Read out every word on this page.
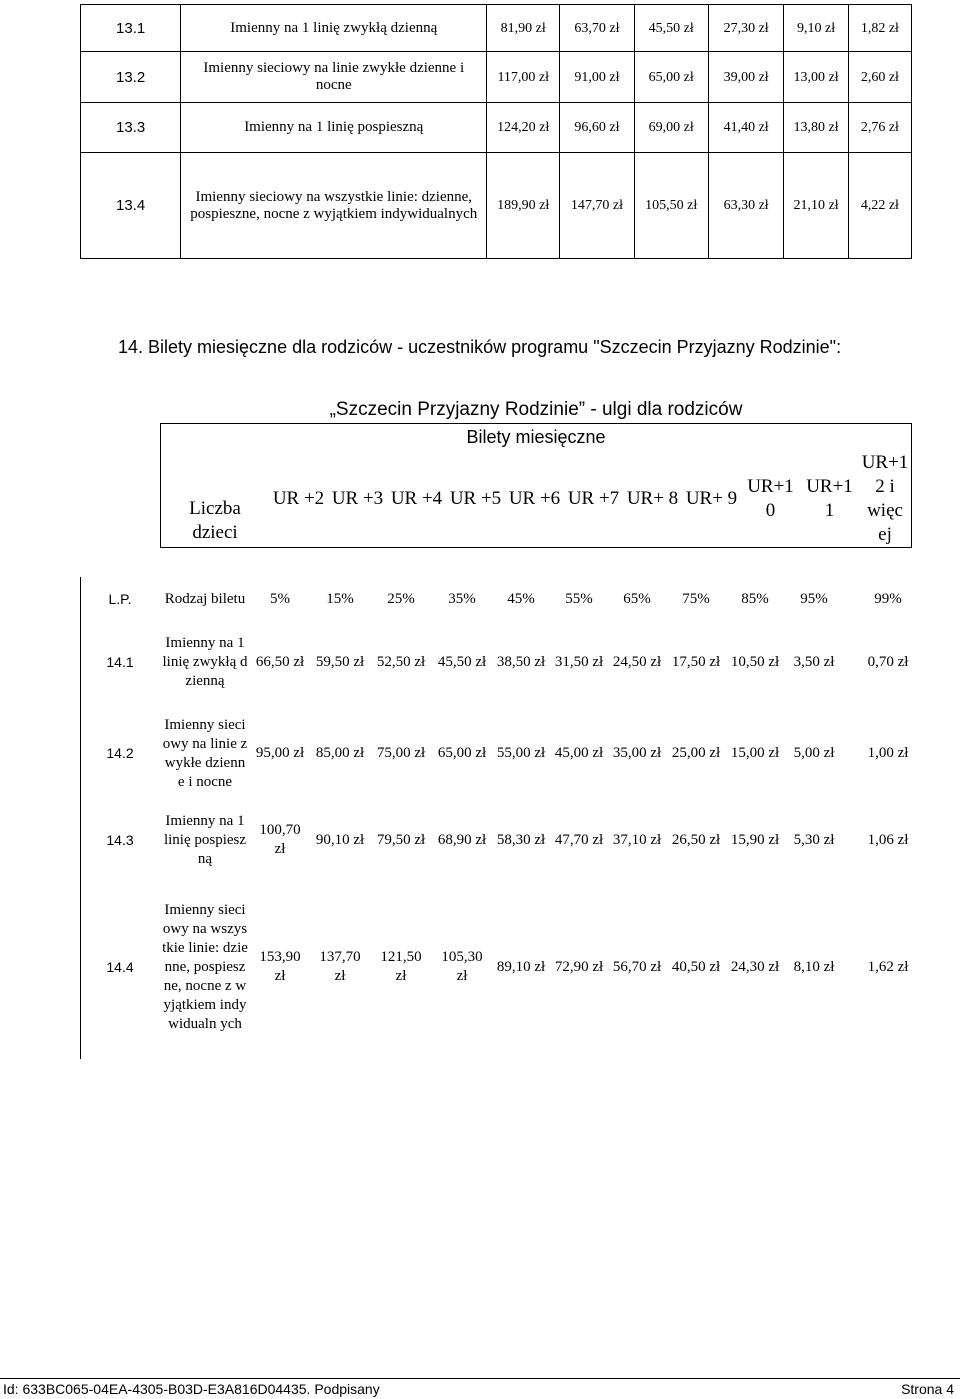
13.1	Imienny na 1 linię zwykłą dzienną	81,90 zł	63,70 zł	45,50 zł	27,30 zł	9,10 zł	1,82 zł
13.2	Imienny sieciowy na linie zwykłe dzienne i nocne	117,00 zł	91,00 zł	65,00 zł	39,00 zł	13,00 zł	2,60 zł
13.3	Imienny na 1 linię pospieszną	124,20 zł	96,60 zł	69,00 zł	41,40 zł	13,80 zł	2,76 zł
13.4	Imienny sieciowy na wszystkie linie: dzienne, pospieszne, nocne z wyjątkiem indywidualnych	189,90 zł	147,70 zł	105,50 zł	63,30 zł	21,10 zł	4,22 zł
14. Bilety miesięczne dla rodziców - uczestników programu "Szczecin Przyjazny Rodzinie":
„Szczecin Przyjazny Rodzinie” - ulgi dla rodziców
Bilety miesięczne
Liczba dzieci	UR +2	UR +3	UR +4	UR +5	UR +6	UR +7	UR+ 8	UR+ 9	UR+1 0	UR+1 1	UR+1 2 i więc ej
L.P.	Rodzaj biletu	5%	15%	25%	35%	45%	55%	65%	75%	85%	95%	99%
14.1	Imienny na 1 linię zwykłą dzienną	66,50 zł	59,50 zł	52,50 zł	45,50 zł	38,50 zł	31,50 zł	24,50 zł	17,50 zł	10,50 zł	3,50 zł	0,70 zł
14.2	Imienny sieciowy na linie zwykłe dzienne i nocne	95,00 zł	85,00 zł	75,00 zł	65,00 zł	55,00 zł	45,00 zł	35,00 zł	25,00 zł	15,00 zł	5,00 zł	1,00 zł
14.3	Imienny na 1 linię pospieszną	100,70 zł	90,10 zł	79,50 zł	68,90 zł	58,30 zł	47,70 zł	37,10 zł	26,50 zł	15,90 zł	5,30 zł	1,06 zł
14.4	Imienny sieciowy na wszystkie linie: dzienne, pospieszne, nocne z wyjątkiem indywidualn ych	153,90 zł	137,70 zł	121,50 zł	105,30 zł	89,10 zł	72,90 zł	56,70 zł	40,50 zł	24,30 zł	8,10 zł	1,62 zł
Id: 633BC065-04EA-4305-B03D-E3A816D04435. Podpisany	Strona 4
